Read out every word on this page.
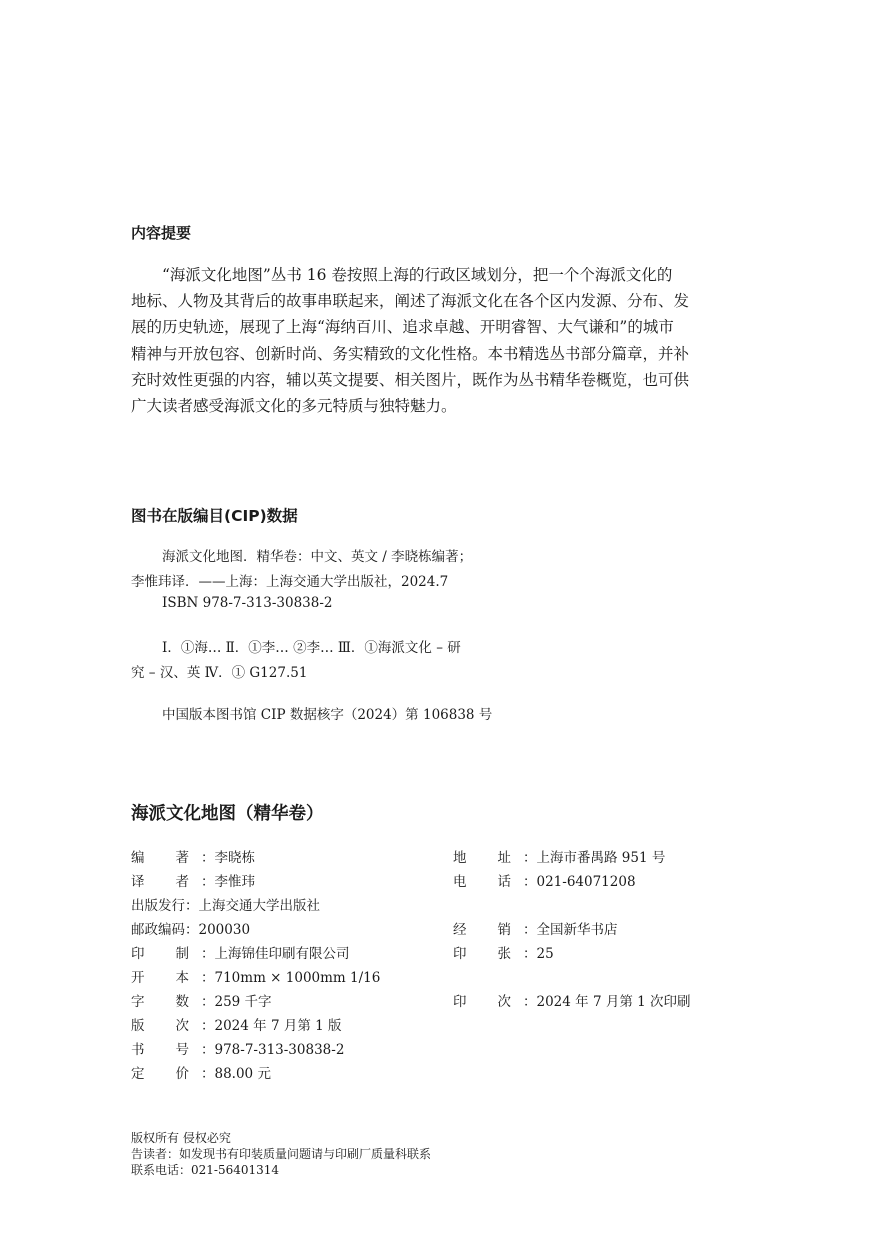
内容提要
“海派文化地图”丛书 16 卷按照上海的行政区域划分，把一个个海派文化的
地标、人物及其背后的故事串联起来，阐述了海派文化在各个区内发源、分布、发
展的历史轨迹，展现了上海“海纳百川、追求卓越、开明睿智、大气谦和”的城市
精神与开放包容、创新时尚、务实精致的文化性格。本书精选丛书部分篇章，并补
充时效性更强的内容，辅以英文提要、相关图片，既作为丛书精华卷概览，也可供
广大读者感受海派文化的多元特质与独特魅力。
图书在版编目(CIP)数据
海派文化地图．精华卷：中文、英文 / 李晓栋编著；
李惟玮译．——上海：上海交通大学出版社，2024.7
ISBN 978-7-313-30838-2
Ⅰ．①海… Ⅱ．①李… ②李… Ⅲ．①海派文化 – 研
究 – 汉、英 Ⅳ．① G127.51
中国版本图书馆 CIP 数据核字（2024）第 106838 号
海派文化地图（精华卷）
编 著 ：李晓栋
译 者 ：李惟玮
出版发行：上海交通大学出版社
邮政编码：200030
印 制 ：上海锦佳印刷有限公司
开 本 ：710mm × 1000mm 1/16
字 数 ：259 千字
版 次 ：2024 年 7 月第 1 版
书 号 ：978-7-313-30838-2
定 价 ：88.00 元
地 址 ：上海市番禺路 951 号
电 话 ：021-64071208
经 销 ：全国新华书店
印 张 ：25
印 次 ：2024 年 7 月第 1 次印刷
版权所有 侵权必究
告读者：如发现书有印装质量问题请与印刷厂质量科联系
联系电话：021-56401314
